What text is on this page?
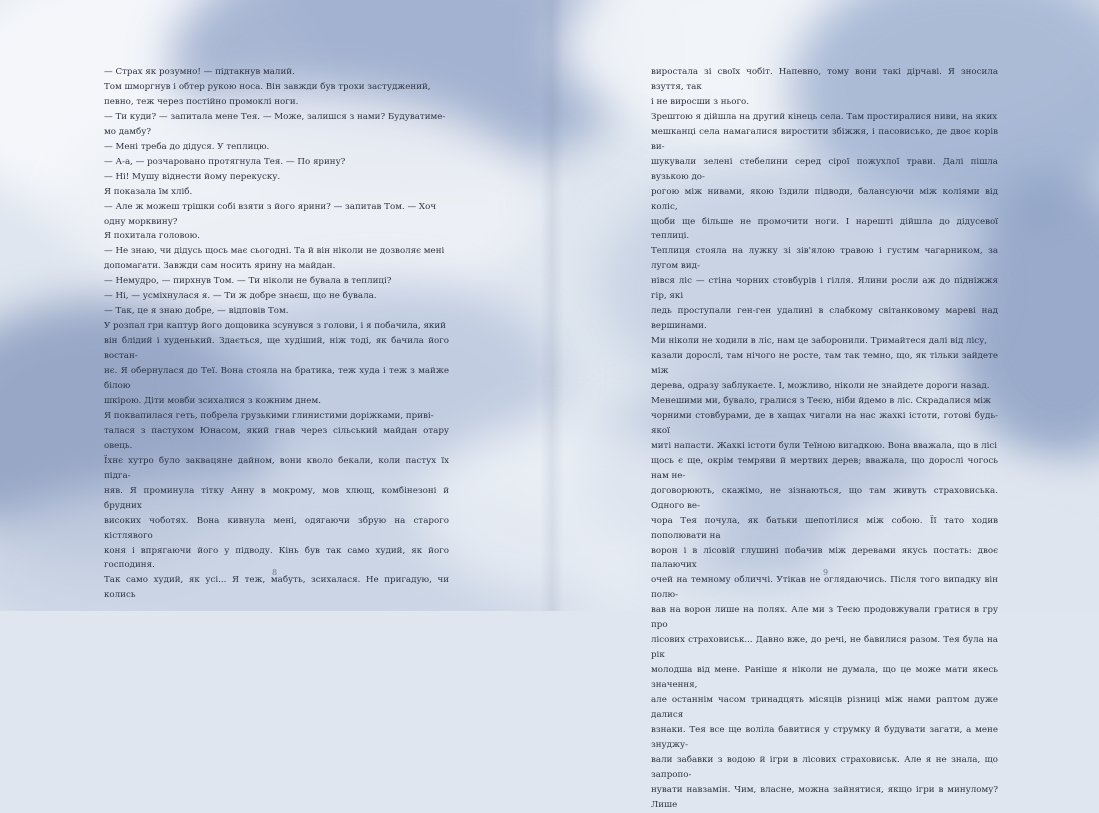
— Страх як розумно! — підтакнув малий.

Том шморгнув і обтер рукою носа. Він завжди був трохи застуджений,

певно, теж через постійно промоклі ноги.

— Ти куди? — запитала мене Тея. — Може, залишся з нами? Будуватиме-

мо дамбу?

— Мені треба до дідуся. У теплицю.

— А-а, — розчаровано протягнула Тея. — По ярину?

— Ні! Мушу віднести йому перекуску.

Я показала їм хліб.

— Але ж можеш трішки собі взяти з його ярини? — запитав Том. — Хоч

одну морквину?

Я похитала головою.

— Не знаю, чи дідусь щось має сьогодні. Та й він ніколи не дозволяє мені

допомагати. Завжди сам носить ярину на майдан.

— Немудро, — пирхнув Том. — Ти ніколи не бувала в теплиці?

— Ні, — усміхнулася я. — Ти ж добре знаєш, що не бувала.

— Так, це я знаю добре, — відповів Том.

У розпал гри каптур його дощовика зсунувся з голови, і я побачила, який

він блідий і худенький. Здається, ще худіший, ніж тоді, як бачила його востан-

нє. Я обернулася до Теї. Вона стояла на братика, теж худа і теж з майже білою

шкірою. Діти мовби зсихалися з кожним днем.

Я поквапилася геть, побрела грузькими глинистими доріжками, приві-

талася з пастухом Юнасом, який гнав через сільський майдан отару овець.

Їхнє хутро було заквацяне дайном, вони кволо бекали, коли пастух їх підга-

няв. Я проминула тітку Анну в мокрому, мов хлющ, комбінезоні й брудних

високих чоботях. Вона кивнула мені, одягаючи збрую на старого кістлявого

коня і впрягаючи його у підводу. Кінь був так само худий, як його господиня.

Так само худий, як усі... Я теж, мабуть, зсихалася. Не пригадую, чи колись

8

виростала зі своїх чобіт. Напевно, тому вони такі дірчаві. Я зносила взуття, так

і не виросши з нього.

Зрештою я дійшла на другий кінець села. Там простиралися ниви, на яких

мешканці села намагалися виростити збіжжя, і пасовисько, де двоє корів ви-

шукували зелені стебелини серед сірої пожухлої трави. Далі пішла вузькою до-

рогою між нивами, якою їздили підводи, балансуючи між коліями від коліс,

щоби ще більше не промочити ноги. І нарешті дійшла до дідусевої теплиці.

Теплиця стояла на лужку зі зів'ялою травою і густим чагарником, за лугом вид-

нівся ліс — стіна чорних стовбурів і гілля. Ялини росли аж до підніжжя гір, які

ледь проступали ген-ген удалині в слабкому світанковому мареві над вершинами.

Ми ніколи не ходили в ліс, нам це заборонили. Тримайтеся далі від лісу,

казали дорослі, там нічого не росте, там так темно, що, як тільки зайдете між

дерева, одразу заблукаєте. І, можливо, ніколи не знайдете дороги назад.

Менешими ми, бувало, гралися з Теєю, ніби йдемо в ліс. Скрадалися між

чорними стовбурами, де в хащах чигали на нас жахкі істоти, готові будь-якої

миті напасти. Жахкі істоти були Теїною вигадкою. Вона вважала, що в лісі

щось є ще, окрім темряви й мертвих дерев; вважала, що дорослі чогось нам не-

договорюють, скажімо, не зізнаються, що там живуть страховиська. Одного ве-

чора Тея почула, як батьки шепотілися між собою. Її тато ходив пополювати на

ворон і в лісовій глушині побачив між деревами якусь постать: двоє палаючих

очей на темному обличчі. Утікав не оглядаючись. Після того випадку він полю-

вав на ворон лише на полях. Але ми з Теєю продовжували гратися в гру про

лісових страховиськ... Давно вже, до речі, не бавилися разом. Тея була на рік

молодша від мене. Раніше я ніколи не думала, що це може мати якесь значення,

але останнім часом тринадцять місяців різниці між нами раптом дуже далися

взнаки. Тея все ще воліла бавитися у струмку й будувати загати, а мене знуджу-

вали забавки з водою й ігри в лісових страховиськ. Але я не знала, що запропо-

нувати навзамін. Чим, власне, можна зайнятися, якщо ігри в минулому? Лише

9
